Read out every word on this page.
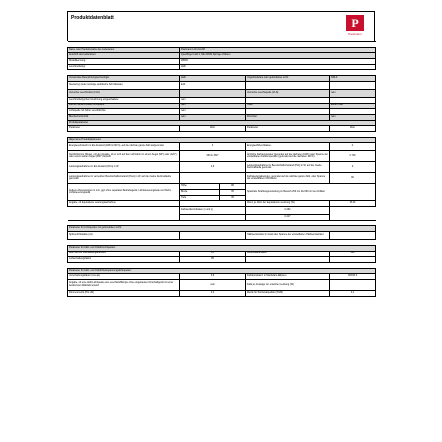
Produktdatenblatt	P
Paulmann

Name oder Handelsmarke des Lieferanten:	Paulmann Licht GmbH			
Anschrift des Lieferanten:	Quedlinger Feld 2, DE-31832 Springe-Völksen			
Modellkennung:	28609			
Leuchtmitteltyp:	LED			

Verwendete Beleuchtungstechnologie:	LED		Ungebündeltes oder gebündeltes Licht:	NDLS
Steckertyp (oder sonstige elektrische Schnittstelle)	E14			
Vernetzte Leuchtmittel (CLS):			Vernetzte Leuchtquelle (CLS):	nein
Leuchtmitteltyp/Kennzeichnung eingeschaltete	nein			
Farblich abstimmbare Lichtquelle:	nein		Hülle:	keine Hülle
Lichtquelle mit hoher Leuchtdichte:	nein			
Blendschutzschild:	nein		Dimmbar:	nein
Produktparameter				
Parameter	Wert		Parameter	Wert

Allgemeine Produktparameter:				
Energieverbrauch im Ein-Zustand (kWh/1 000 h), auf die nächste ganze Zahl aufgerundet	3		Energieeffizienzklasse:	F
Nutzlichtstrom (Φuse), mit der Angabe, ob er sich auf den Lichtstrom in einem Kegel (90°) oder (120°) oder einem weiten Kegel (360°) bezieht	250 in 360°		Ähnliche Farbtemperatur (gerundet auf die nächsten 100K) oder Spanne der einstellbaren Farbtemperatur (gerundet auf die nächsten 100 K)	2 700
Leistungsaufnahme im Ein-Zustand (Pon) in W	2,9		Leistungsaufnahme im Bereitschaftszustand (Psb) in W, auf die zweite Dezimalstelle gerundet	0
Leistungsaufnahme im vernetzten Bereitschaftszustand (Pnet) in W, auf die zweite Dezimalstelle gerundet			Farbwiedergabeindex, gerundet auf die nächste ganze Zahl, oder Spanne der einstellbaren CRI-Werte	82
Äußere Abmessungen in mm, ggf. ohne separates Betriebsgerät, Lichtsteuerungsteile und Nicht-Lichtsteuerungsteile	Höhe	98	Spektrale Strahlungsverteilung im Bereich 250 nm bis 800 nm bei Volllast	
	Breite	35		
	Tiefe	35		
Angabe, ob äquivalente Leistungsaufnahme			Wenn ja, Wert der äquivalenten Leistung (W)	25 W
	Farbwertkoordinaten (x und y)		0,462	
			0,417	

Parameter für Lichtquellen mit gebündeltem Licht:				
Spitzenlichtstärke (cd)			Halbwertswinkel in Grad oder Spanne der einstellbaren Halbwertswinkel	

Parameter für LED- und OLED-Lichtquellen:				
Wert des R9 Farbwiedergabeindex	12		Lebensdauerfaktor	100
Lichterhaltungsfaktor	95			

Parameter für LED- und OLED-Netzspannungslichtquellen:				
Verschiebungsfaktor (cos φ1)	0,5		Farbkonsistenz in MacAdam-Ellipsen	SDCM 6
Angabe, ob eine LED-Lichtquelle eine Leuchtstofflampe ohne eingebautes Vorschaltgerät mit einer bestimmten Wattzahl ersetzt	nein		Falls ja, Aussage zur ersetzten Leistung (W)	
Flimmermetrik (Pst LM)	0,3		Metrik für Stroboskopeffekt (SVM)	0,1
